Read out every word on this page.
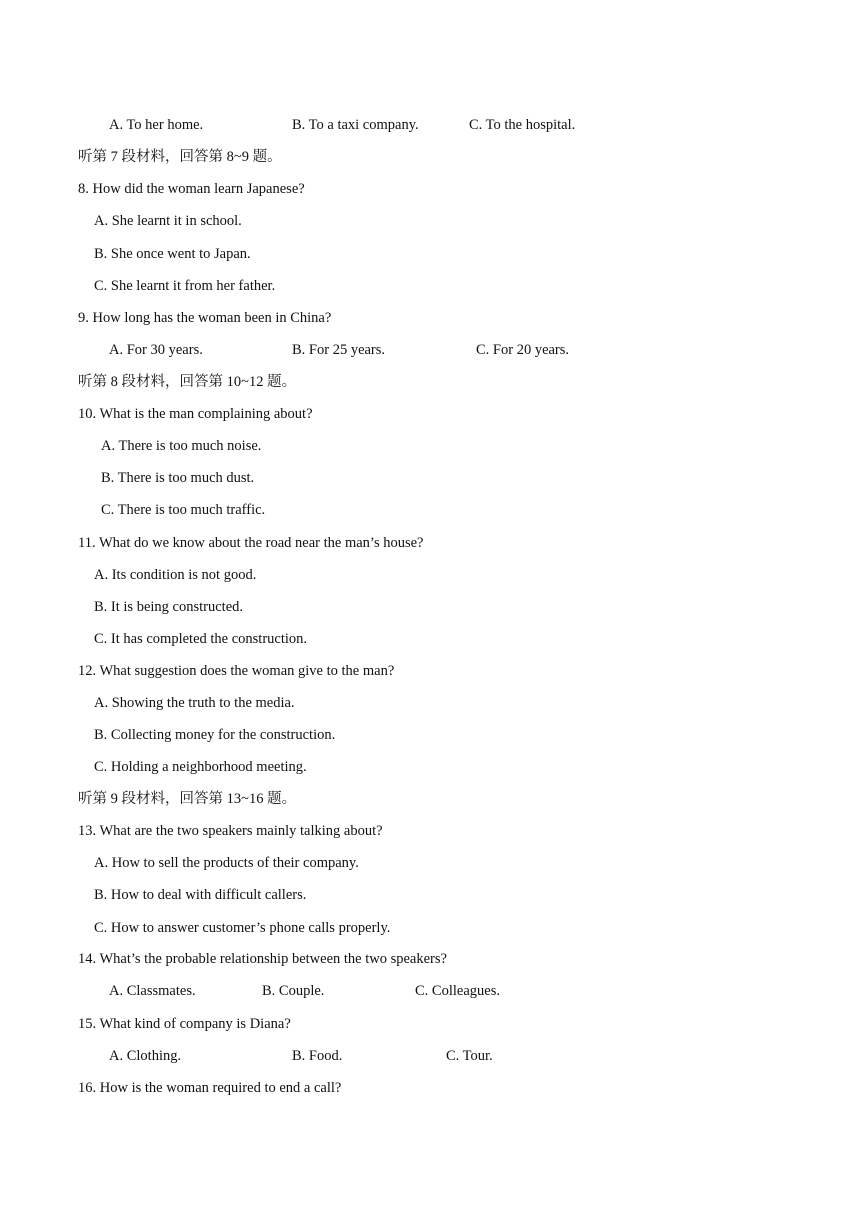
A. To her home.	B. To a taxi company.	C. To the hospital.
听第 7 段材料，回答第 8~9 题。
8. How did the woman learn Japanese?
A. She learnt it in school.
B. She once went to Japan.
C. She learnt it from her father.
9. How long has the woman been in China?
A. For 30 years.	B. For 25 years.	C. For 20 years.
听第 8 段材料，回答第 10~12 题。
10. What is the man complaining about?
A. There is too much noise.
B. There is too much dust.
C. There is too much traffic.
11. What do we know about the road near the man’s house?
A. Its condition is not good.
B. It is being constructed.
C. It has completed the construction.
12. What suggestion does the woman give to the man?
A. Showing the truth to the media.
B. Collecting money for the construction.
C. Holding a neighborhood meeting.
听第 9 段材料，回答第 13~16 题。
13. What are the two speakers mainly talking about?
A. How to sell the products of their company.
B. How to deal with difficult callers.
C. How to answer customer’s phone calls properly.
14. What’s the probable relationship between the two speakers?
A. Classmates.	B. Couple.	C. Colleagues.
15. What kind of company is Diana?
A. Clothing.	B. Food.	C. Tour.
16. How is the woman required to end a call?
